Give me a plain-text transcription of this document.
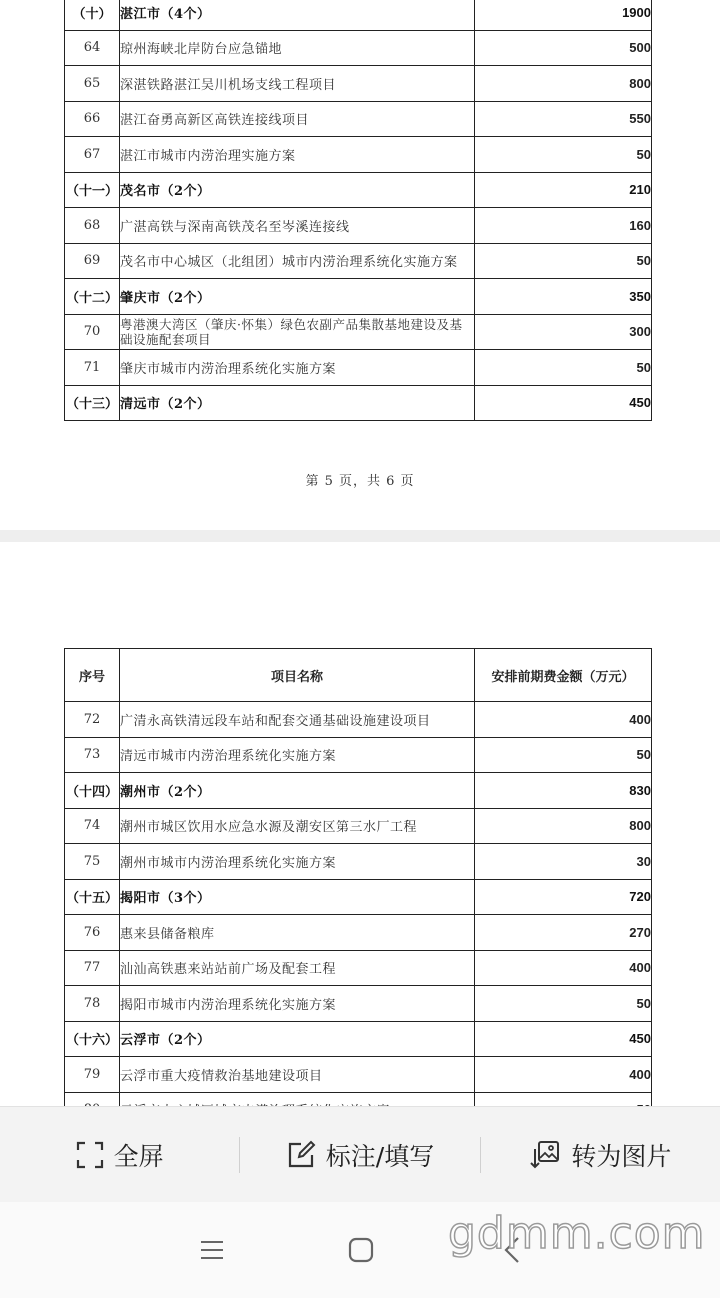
（十）	湛江市（4个）	1900
64	琼州海峡北岸防台应急锚地	500
65	深湛铁路湛江吴川机场支线工程项目	800
66	湛江奋勇高新区高铁连接线项目	550
67	湛江市城市内涝治理实施方案	50
（十一）	茂名市（2个）	210
68	广湛高铁与深南高铁茂名至岑溪连接线	160
69	茂名市中心城区（北组团）城市内涝治理系统化实施方案	50
（十二）	肇庆市（2个）	350
70	粤港澳大湾区（肇庆·怀集）绿色农副产品集散基地建设及基础设施配套项目	300
71	肇庆市城市内涝治理系统化实施方案	50
（十三）	清远市（2个）	450
第 5 页，共 6 页
序号	项目名称	安排前期费金额（万元）
72	广清永高铁清远段车站和配套交通基础设施建设项目	400
73	清远市城市内涝治理系统化实施方案	50
（十四）	潮州市（2个）	830
74	潮州市城区饮用水应急水源及潮安区第三水厂工程	800
75	潮州市城市内涝治理系统化实施方案	30
（十五）	揭阳市（3个）	720
76	惠来县储备粮库	270
77	汕汕高铁惠来站站前广场及配套工程	400
78	揭阳市城市内涝治理系统化实施方案	50
（十六）	云浮市（2个）	450
79	云浮市重大疫情救治基地建设项目	400

全屏	标注/填写	转为图片
gdmm.com
